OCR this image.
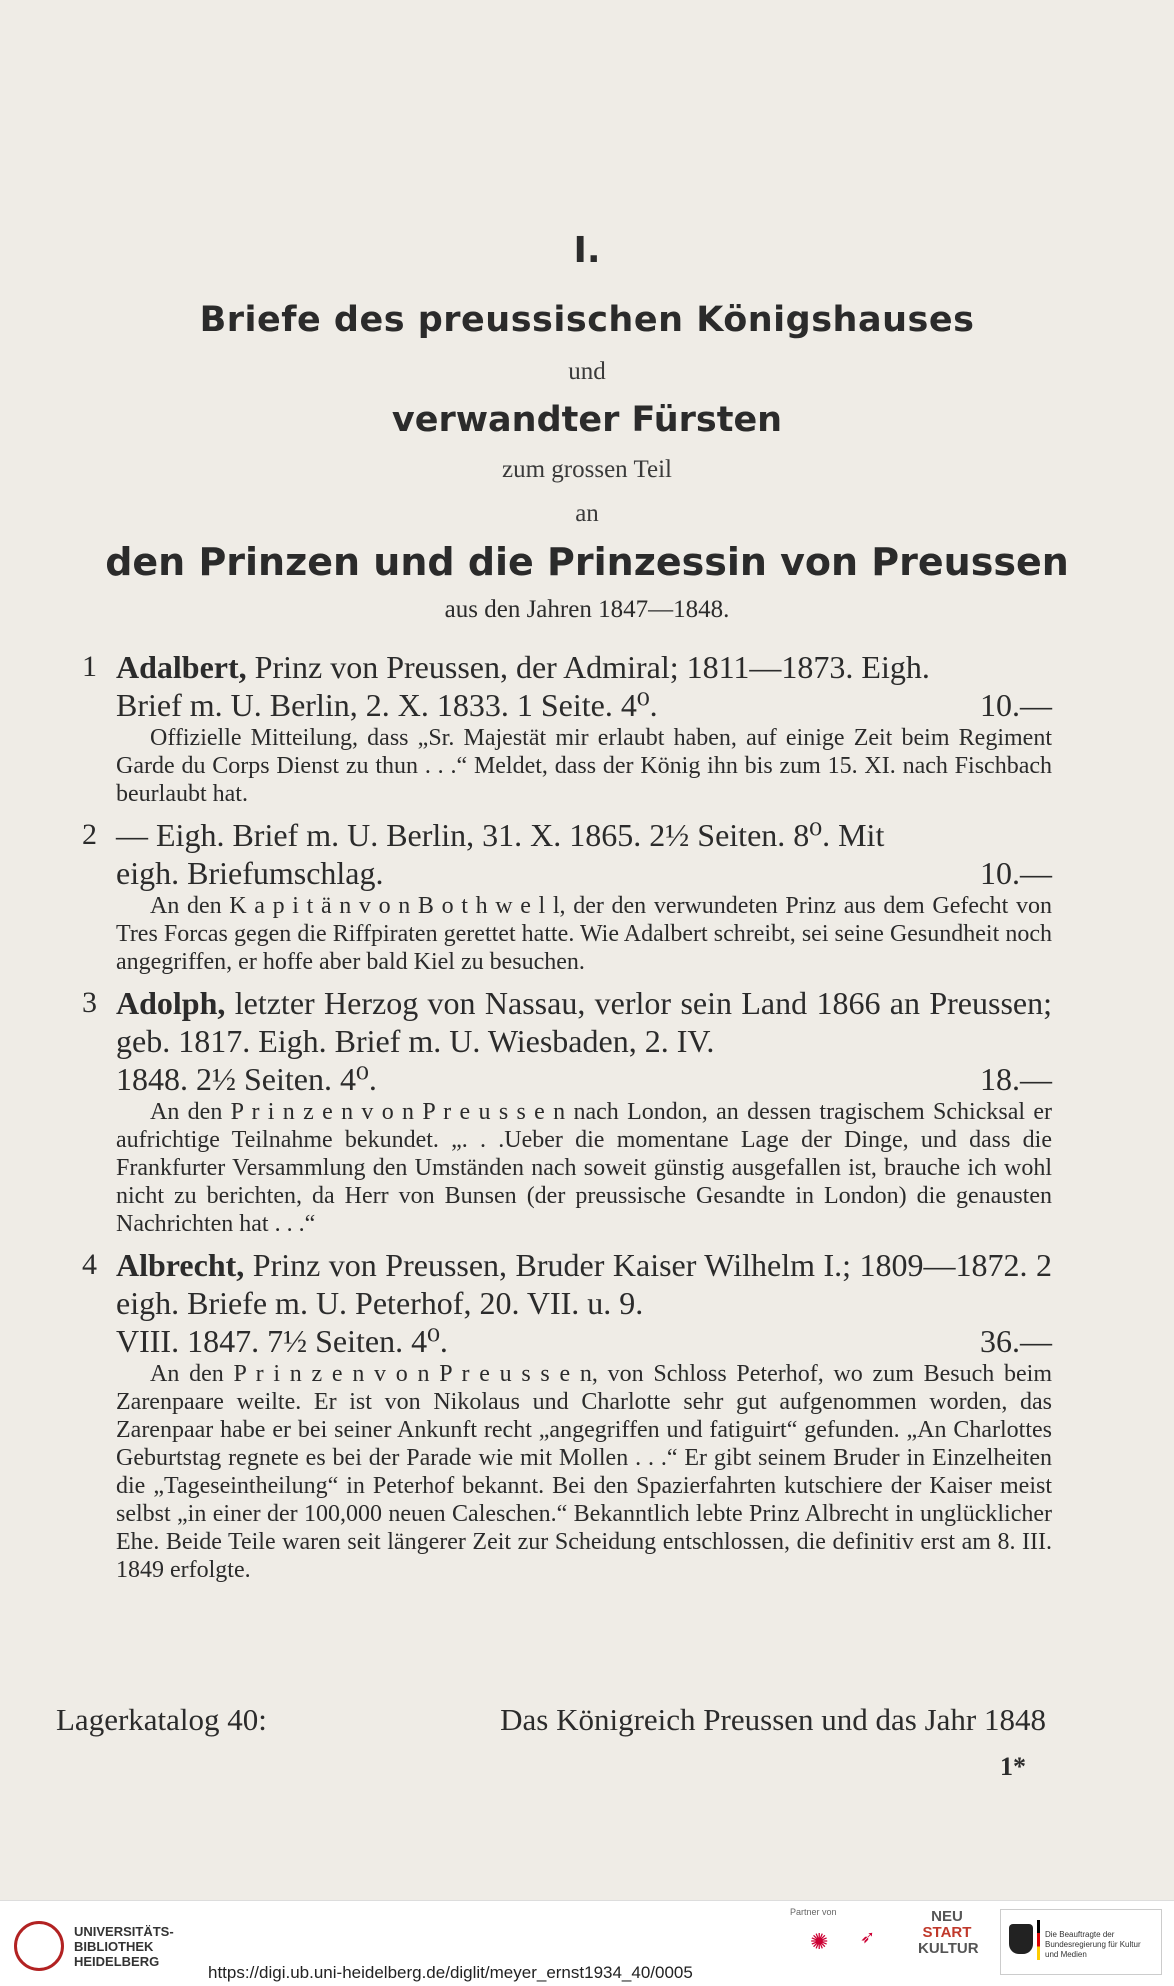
I.
Briefe des preussischen Königshauses
und
verwandter Fürsten
zum grossen Teil
an
den Prinzen und die Prinzessin von Preussen
aus den Jahren 1847—1848.
1 Adalbert, Prinz von Preussen, der Admiral; 1811—1873. Eigh.
Brief m. U. Berlin, 2. X. 1833. 1 Seite. 4⁰.	10.—
Offizielle Mitteilung, dass „Sr. Majestät mir erlaubt haben, auf einige Zeit beim Regiment Garde du Corps Dienst zu thun . . .“ Meldet, dass der König ihn bis zum 15. XI. nach Fischbach beurlaubt hat.
2 — Eigh. Brief m. U. Berlin, 31. X. 1865. 2½ Seiten. 8⁰. Mit
eigh. Briefumschlag.	10.—
An den K a p i t ä n v o n B o t h w e l l, der den verwundeten Prinz aus dem Gefecht von Tres Forcas gegen die Riffpiraten gerettet hatte. Wie Adalbert schreibt, sei seine Gesundheit noch angegriffen, er hoffe aber bald Kiel zu besuchen.
3 Adolph, letzter Herzog von Nassau, verlor sein Land 1866 an Preussen; geb. 1817. Eigh. Brief m. U. Wiesbaden, 2. IV.
1848. 2½ Seiten. 4⁰.	18.—
An den P r i n z e n v o n P r e u s s e n nach London, an dessen tragischem Schicksal er aufrichtige Teilnahme bekundet. „. . .Ueber die momentane Lage der Dinge, und dass die Frankfurter Versammlung den Umständen nach soweit günstig ausgefallen ist, brauche ich wohl nicht zu berichten, da Herr von Bunsen (der preussische Gesandte in London) die genausten Nachrichten hat . . .“
4 Albrecht, Prinz von Preussen, Bruder Kaiser Wilhelm I.; 1809—1872. 2 eigh. Briefe m. U. Peterhof, 20. VII. u. 9.
VIII. 1847. 7½ Seiten. 4⁰.	36.—
An den P r i n z e n v o n P r e u s s e n, von Schloss Peterhof, wo zum Besuch beim Zarenpaare weilte. Er ist von Nikolaus und Charlotte sehr gut aufgenommen worden, das Zarenpaar habe er bei seiner Ankunft recht „angegriffen und fatiguirt“ gefunden. „An Charlottes Geburtstag regnete es bei der Parade wie mit Mollen . . .“ Er gibt seinem Bruder in Einzelheiten die „Tageseintheilung“ in Peterhof bekannt. Bei den Spazierfahrten kutschiere der Kaiser meist selbst „in einer der 100,000 neuen Caleschen.“ Bekanntlich lebte Prinz Albrecht in unglücklicher Ehe. Beide Teile waren seit längerer Zeit zur Scheidung entschlossen, die definitiv erst am 8. III. 1849 erfolgte.
Lagerkatalog 40:	Das Königreich Preussen und das Jahr 1848
1*
UNIVERSITÄTS-
BIBLIOTHEK
HEIDELBERG
https://digi.ub.uni-heidelberg.de/diglit/meyer_ernst1934_40/0005
Partner von
✺	➶
NEU
START
KULTUR
Die Beauftragte der Bundesregierung für Kultur und Medien
